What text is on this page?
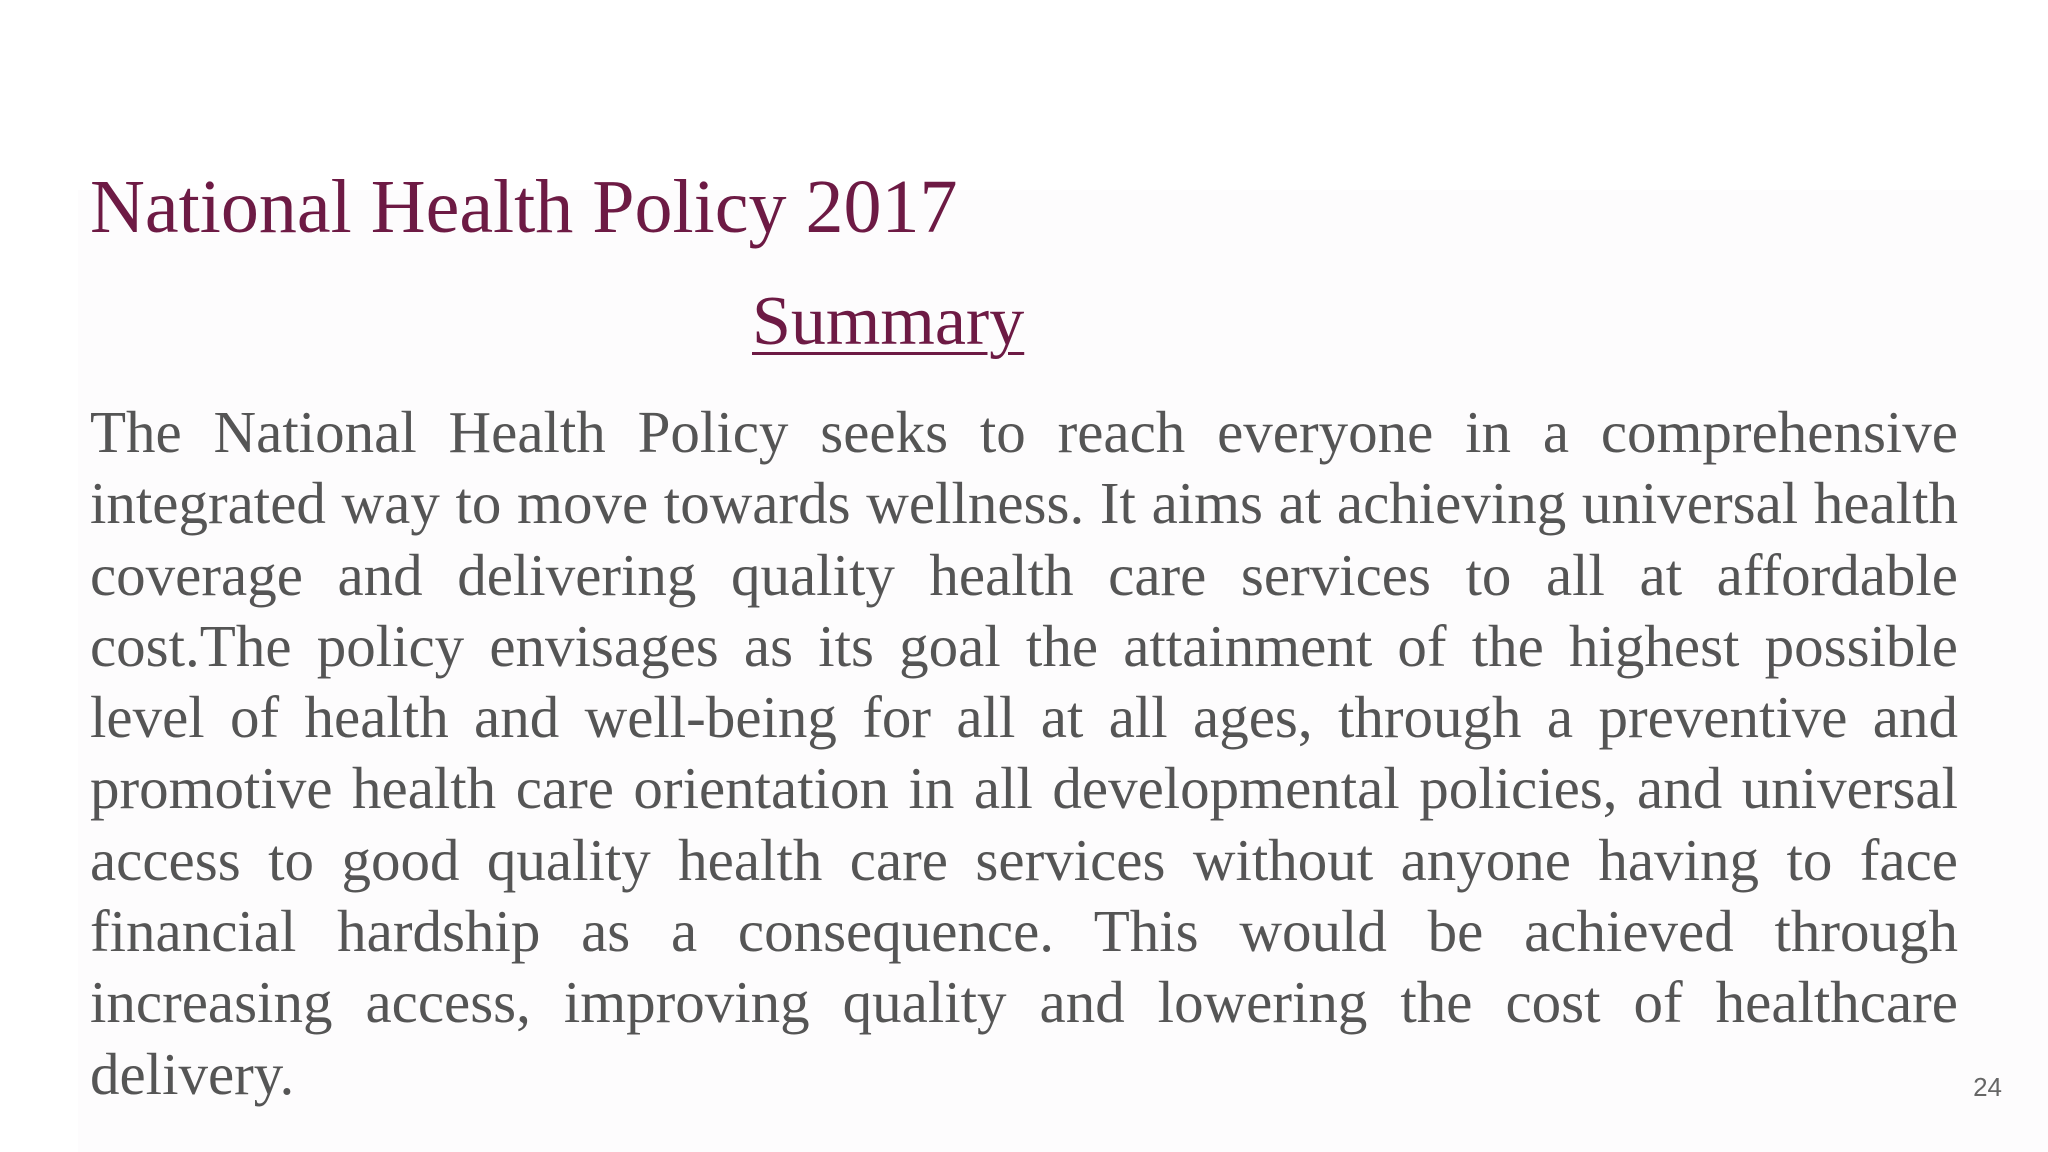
National Health Policy 2017
Summary

The National Health Policy seeks to reach everyone in a comprehensive integrated way to move towards wellness. It aims at achieving universal health coverage and delivering quality health care services to all at affordable cost.The policy envisages as its goal the attainment of the highest possible level of health and well-being for all at all ages, through a preventive and promotive health care orientation in all developmental policies, and universal access to good quality health care services without anyone having to face financial hardship as a consequence. This would be achieved through increasing access, improving quality and lowering the cost of healthcare delivery.	24
